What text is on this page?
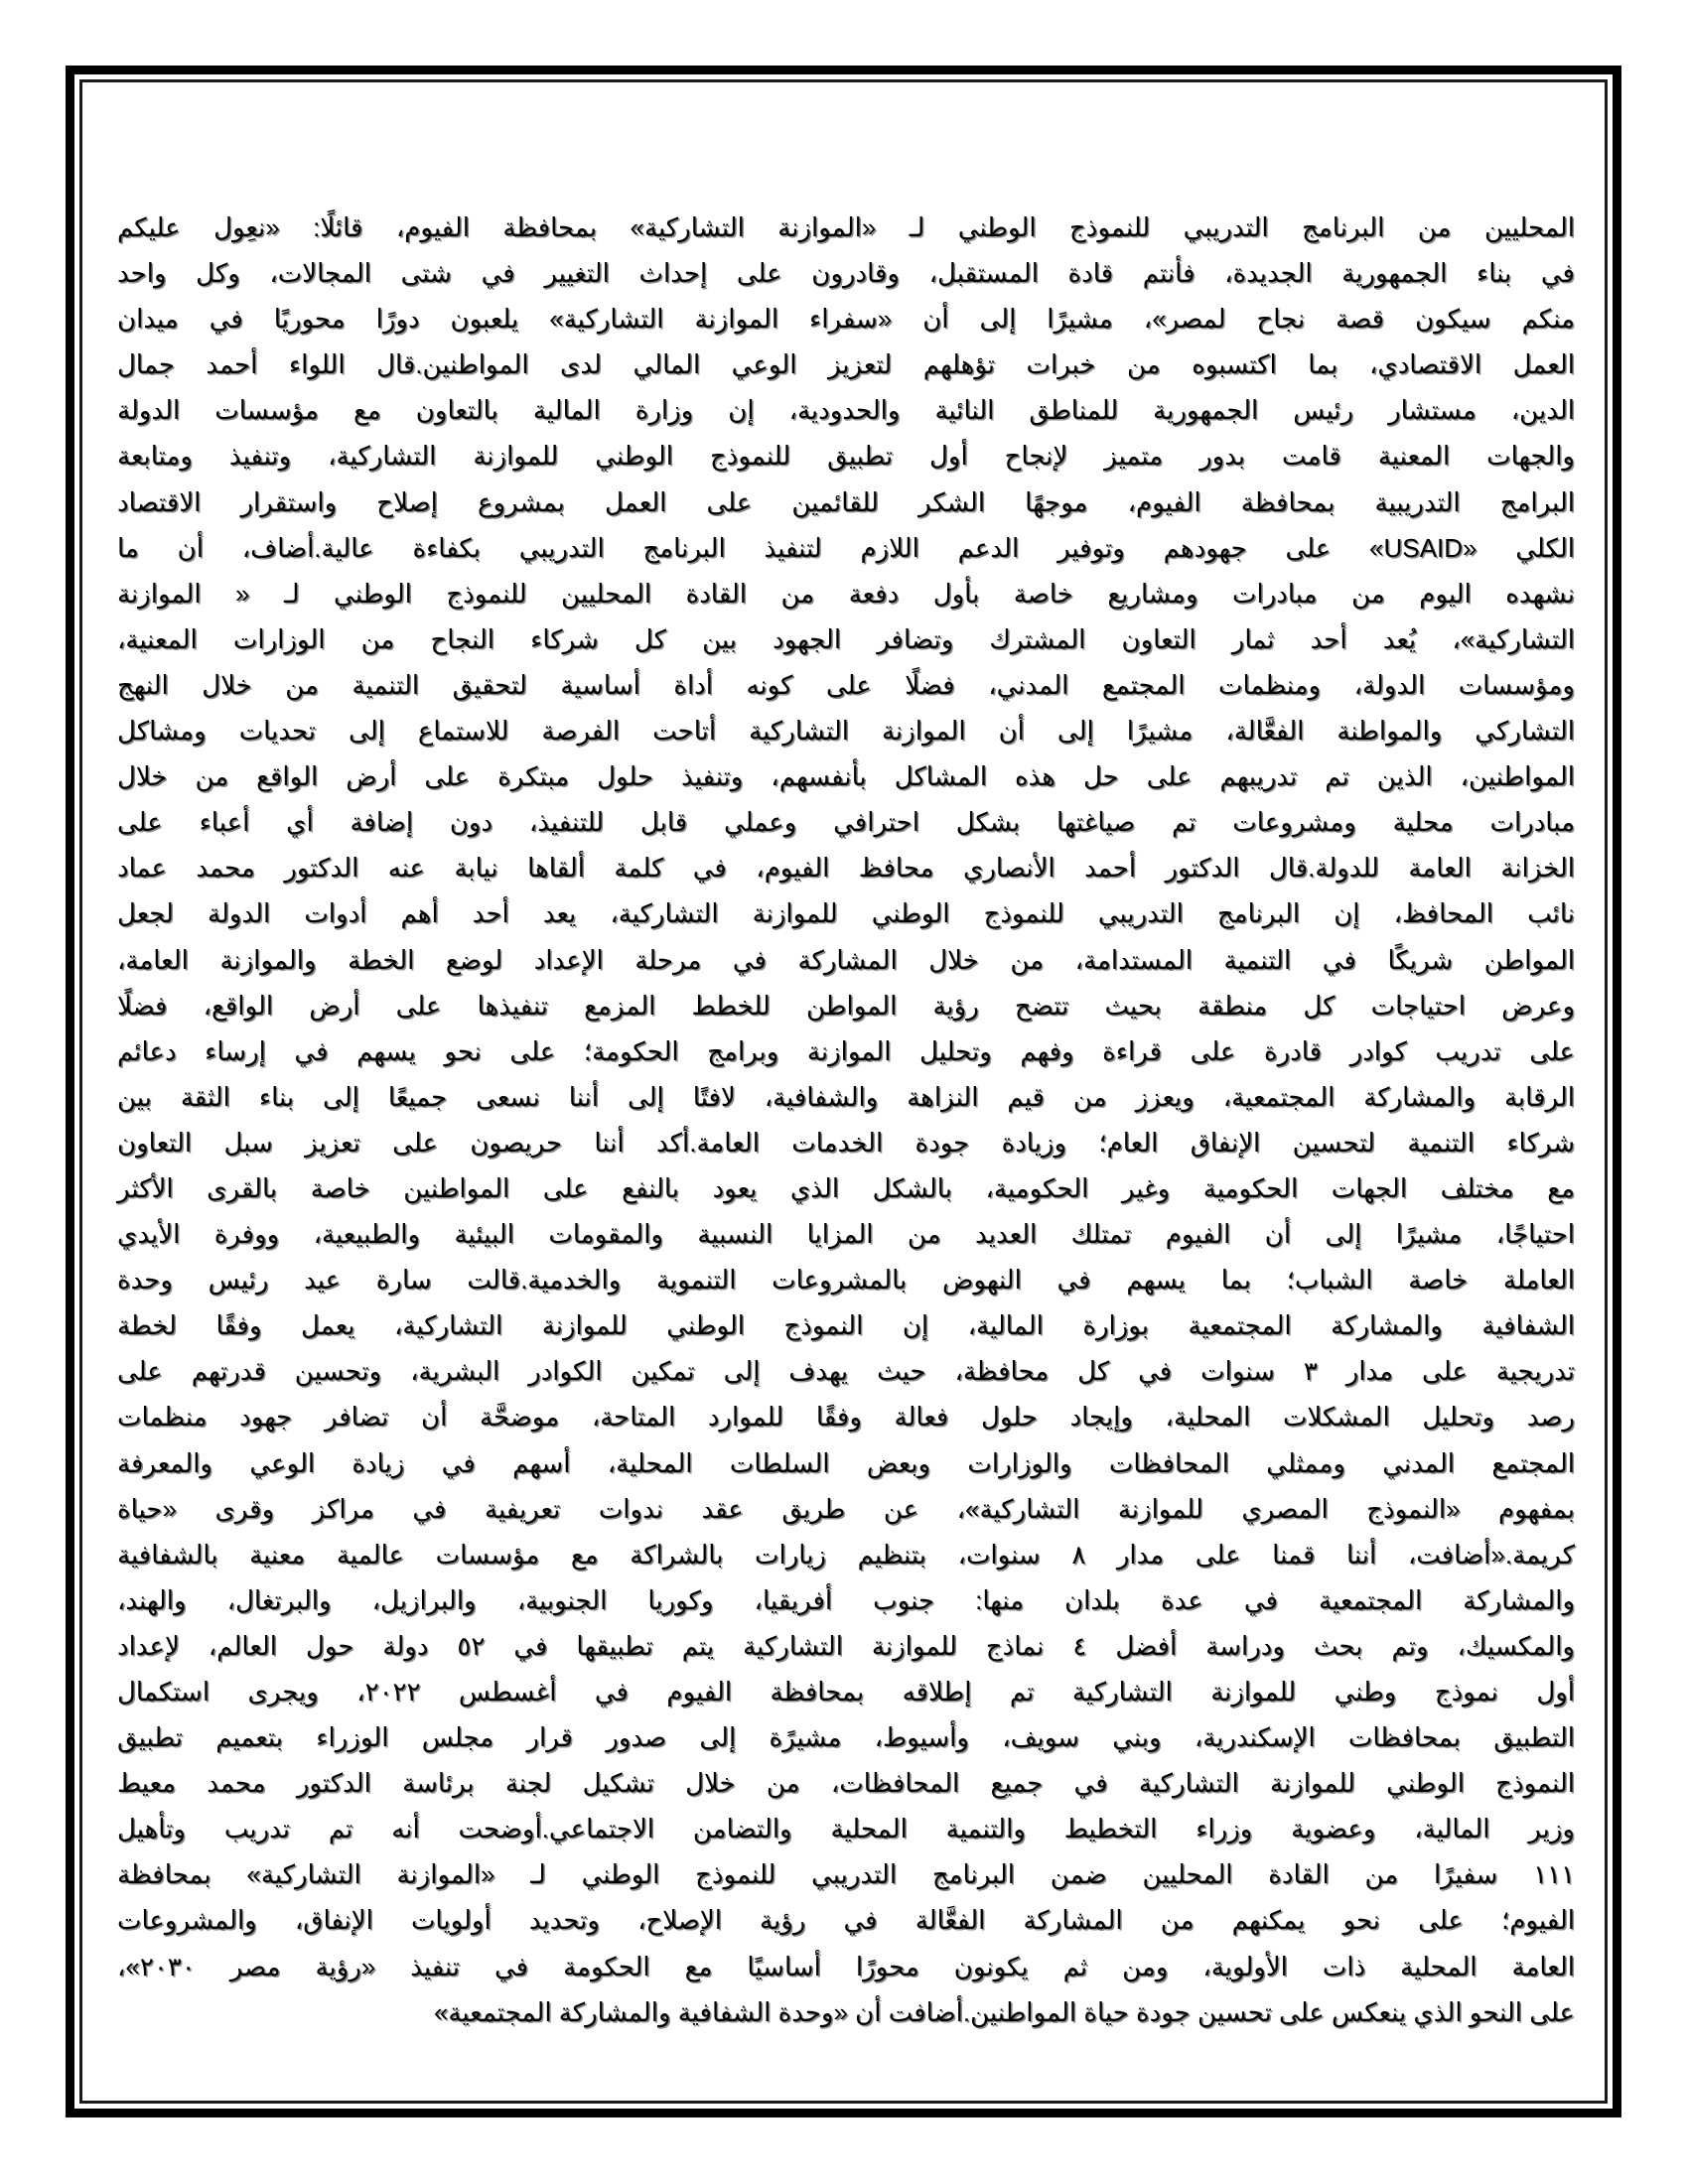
المحليين من البرنامج التدريبي للنموذج الوطني لـ «الموازنة التشاركية» بمحافظة الفيوم، قائلًا: «نعِول عليكم
في بناء الجمهورية الجديدة، فأنتم قادة المستقبل، وقادرون على إحداث التغيير في شتى المجالات، وكل واحد
منكم سيكون قصة نجاح لمصر»، مشيرًا إلى أن «سفراء الموازنة التشاركية» يلعبون دورًا محوريًا في ميدان
العمل الاقتصادي، بما اكتسبوه من خبرات تؤهلهم لتعزيز الوعي المالي لدى المواطنين.قال اللواء أحمد جمال
الدين، مستشار رئيس الجمهورية للمناطق النائية والحدودية، إن وزارة المالية بالتعاون مع مؤسسات الدولة
والجهات المعنية قامت بدور متميز لإنجاح أول تطبيق للنموذج الوطني للموازنة التشاركية، وتنفيذ ومتابعة
البرامج التدريبية بمحافظة الفيوم، موجهًا الشكر للقائمين على العمل بمشروع إصلاح واستقرار الاقتصاد
الكلي «USAID» على جهودهم وتوفير الدعم اللازم لتنفيذ البرنامج التدريبي بكفاءة عالية.أضاف، أن ما
نشهده اليوم من مبادرات ومشاريع خاصة بأول دفعة من القادة المحليين للنموذج الوطني لـ « الموازنة
التشاركية»، يُعد أحد ثمار التعاون المشترك وتضافر الجهود بين كل شركاء النجاح من الوزارات المعنية،
ومؤسسات الدولة، ومنظمات المجتمع المدني، فضلًا على كونه أداة أساسية لتحقيق التنمية من خلال النهج
التشاركي والمواطنة الفعَّالة، مشيرًا إلى أن الموازنة التشاركية أتاحت الفرصة للاستماع إلى تحديات ومشاكل
المواطنين، الذين تم تدريبهم على حل هذه المشاكل بأنفسهم، وتنفيذ حلول مبتكرة على أرض الواقع من خلال
مبادرات محلية ومشروعات تم صياغتها بشكل احترافي وعملي قابل للتنفيذ، دون إضافة أي أعباء على
الخزانة العامة للدولة.قال الدكتور أحمد الأنصاري محافظ الفيوم، في كلمة ألقاها نيابة عنه الدكتور محمد عماد
نائب المحافظ، إن البرنامج التدريبي للنموذج الوطني للموازنة التشاركية، يعد أحد أهم أدوات الدولة لجعل
المواطن شريكًا في التنمية المستدامة، من خلال المشاركة في مرحلة الإعداد لوضع الخطة والموازنة العامة،
وعرض احتياجات كل منطقة بحيث تتضح رؤية المواطن للخطط المزمع تنفيذها على أرض الواقع، فضلًا
على تدريب كوادر قادرة على قراءة وفهم وتحليل الموازنة وبرامج الحكومة؛ على نحو يسهم في إرساء دعائم
الرقابة والمشاركة المجتمعية، ويعزز من قيم النزاهة والشفافية، لافتًا إلى أننا نسعى جميعًا إلى بناء الثقة بين
شركاء التنمية لتحسين الإنفاق العام؛ وزيادة جودة الخدمات العامة.أكد أننا حريصون على تعزيز سبل التعاون
مع مختلف الجهات الحكومية وغير الحكومية، بالشكل الذي يعود بالنفع على المواطنين خاصة بالقرى الأكثر
احتياجًا، مشيرًا إلى أن الفيوم تمتلك العديد من المزايا النسبية والمقومات البيئية والطبيعية، ووفرة الأيدي
العاملة خاصة الشباب؛ بما يسهم في النهوض بالمشروعات التنموية والخدمية.قالت سارة عيد رئيس وحدة
الشفافية والمشاركة المجتمعية بوزارة المالية، إن النموذج الوطني للموازنة التشاركية، يعمل وفقًا لخطة
تدريجية على مدار ٣ سنوات في كل محافظة، حيث يهدف إلى تمكين الكوادر البشرية، وتحسين قدرتهم على
رصد وتحليل المشكلات المحلية، وإيجاد حلول فعالة وفقًا للموارد المتاحة، موضحَّة أن تضافر جهود منظمات
المجتمع المدني وممثلي المحافظات والوزارات وبعض السلطات المحلية، أسهم في زيادة الوعي والمعرفة
بمفهوم «النموذج المصري للموازنة التشاركية»، عن طريق عقد ندوات تعريفية في مراكز وقرى «حياة
كريمة.«أضافت، أننا قمنا على مدار ٨ سنوات، بتنظيم زيارات بالشراكة مع مؤسسات عالمية معنية بالشفافية
والمشاركة المجتمعية في عدة بلدان منها: جنوب أفريقيا، وكوريا الجنوبية، والبرازيل، والبرتغال، والهند،
والمكسيك، وتم بحث ودراسة أفضل ٤ نماذج للموازنة التشاركية يتم تطبيقها في ٥٢ دولة حول العالم، لإعداد
أول نموذج وطني للموازنة التشاركية تم إطلاقه بمحافظة الفيوم في أغسطس ٢٠٢٢، ويجرى استكمال
التطبيق بمحافظات الإسكندرية، وبني سويف، وأسيوط، مشيرًة إلى صدور قرار مجلس الوزراء بتعميم تطبيق
النموذج الوطني للموازنة التشاركية في جميع المحافظات، من خلال تشكيل لجنة برئاسة الدكتور محمد معيط
وزير المالية، وعضوية وزراء التخطيط والتنمية المحلية والتضامن الاجتماعي.أوضحت أنه تم تدريب وتأهيل
١١١ سفيرًا من القادة المحليين ضمن البرنامج التدريبي للنموذج الوطني لـ «الموازنة التشاركية» بمحافظة
الفيوم؛ على نحو يمكنهم من المشاركة الفعَّالة في رؤية الإصلاح، وتحديد أولويات الإنفاق، والمشروعات
العامة المحلية ذات الأولوية، ومن ثم يكونون محورًا أساسيًا مع الحكومة في تنفيذ «رؤية مصر ٢٠٣٠»،
على النحو الذي ينعكس على تحسين جودة حياة المواطنين.أضافت أن «وحدة الشفافية والمشاركة المجتمعية»
